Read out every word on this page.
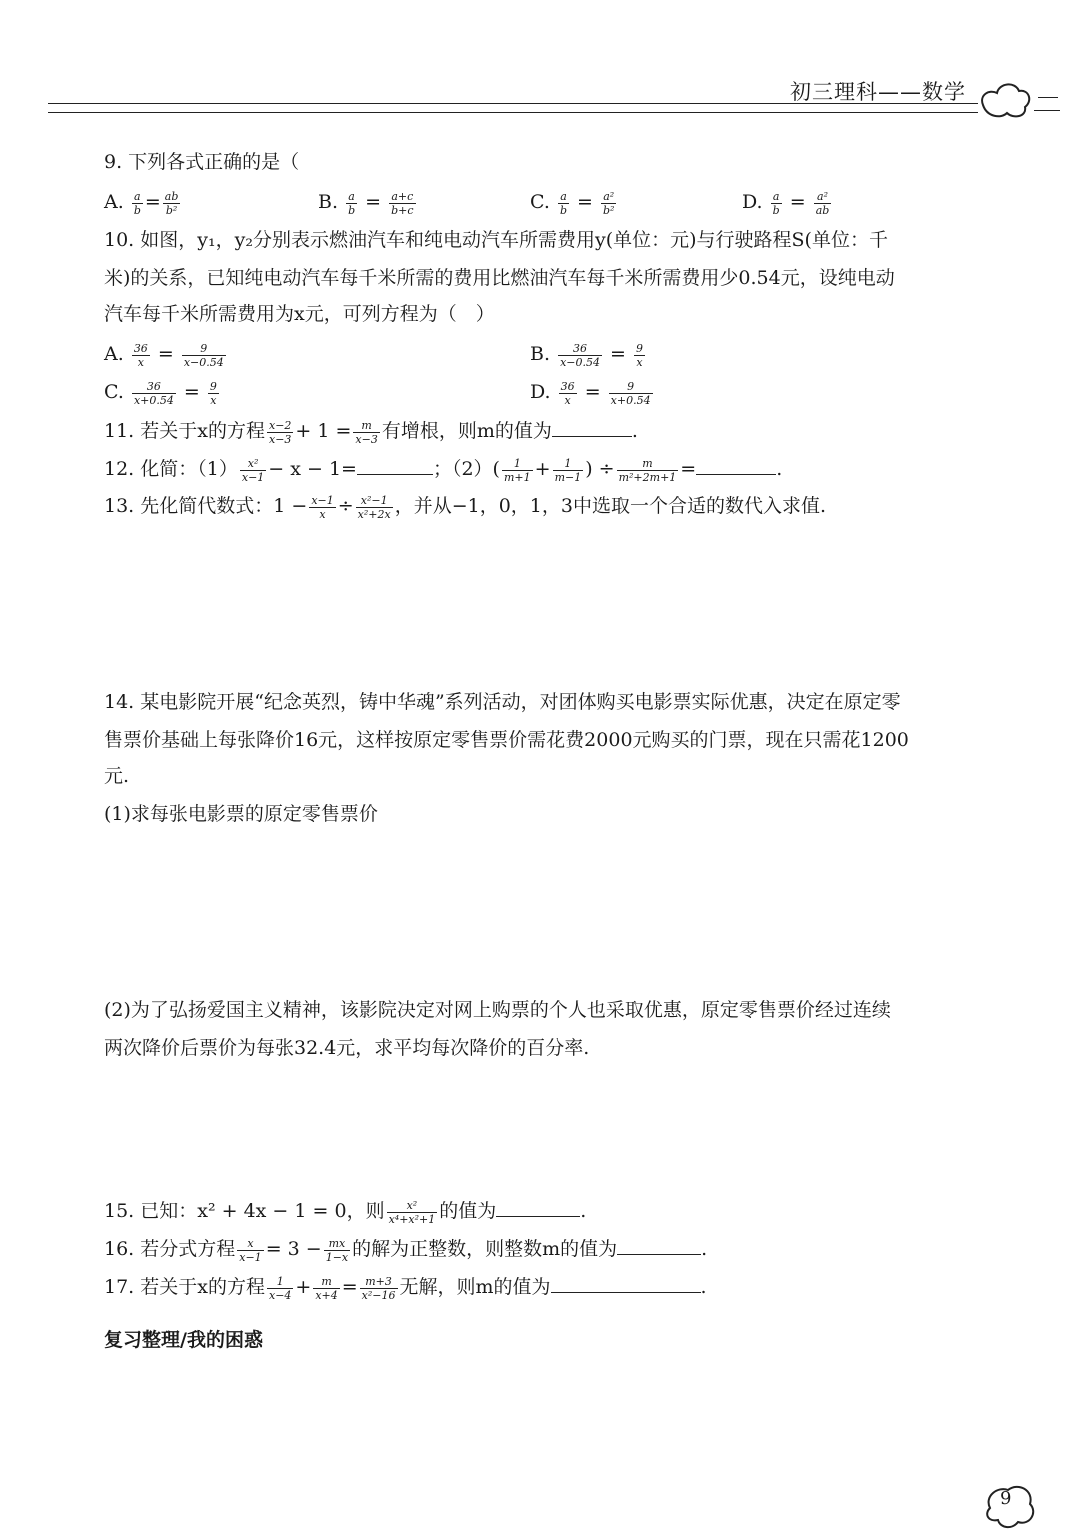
初三理科——数学
9. 下列各式正确的是（
A. $\frac{a}{b} = \frac{ab}{\text{b²}}$	B. $\frac{a}{b} = \frac{a+c}{b+c}$	C. $\frac{a}{b} = \frac{\text{a²}}{\text{b²}}$	D. $\frac{a}{b} = \frac{\text{a²}}{ab}$
10. 如图，y₁，y₂分别表示燃油汽车和纯电动汽车所需费用y(单位：元)与行驶路程S(单位：千
米)的关系，已知纯电动汽车每千米所需的费用比燃油汽车每千米所需费用少0.54元，设纯电动
汽车每千米所需费用为x元，可列方程为（　）
A. $\frac{36}{x} = \frac{9}{x-0.54}$	B. $\frac{36}{x-0.54} = \frac{9}{x}$
C. $\frac{36}{x+0.54} = \frac{9}{x}$	D. $\frac{36}{x} = \frac{9}{x+0.54}$
11. 若关于x的方程 $\frac{x-2}{x-3} + 1 = \frac{m}{x-3}$ 有增根，则m的值为	.
12. 化简：$(1) \frac{\text{x²}}{x-1} - x - 1=$	；$(2)( \frac{1}{m+1} + \frac{1}{m-1}$ ) ÷ $\frac{m}{\text{m²+2m+1}}$ =	.
13. 先化简代数式：$1 - \frac{x-1}{x} \div \frac{\text{x²−1}}{\text{x²+2x}}$ ，并从−1，0，1，3中选取一个合适的数代入求值.
14. 某电影院开展“纪念英烈，铸中华魂”系列活动，对团体购买电影票实际优惠，决定在原定零
售票价基础上每张降价16元，这样按原定零售票价需花费2000元购买的门票，现在只需花1200
元.
(1)求每张电影票的原定零售票价
(2)为了弘扬爱国主义精神，该影院决定对网上购票的个人也采取优惠，原定零售票价经过连续
两次降价后票价为每张32.4元，求平均每次降价的百分率.
15. 已知：x² + 4x − 1 = 0，则 $\frac{\text{x²}}{\text{x⁴+x²+1}}$ 的值为	.
16. 若分式方程 $\frac{x}{x-1} = 3 - \frac{mx}{1-x}$ 的解为正整数，则整数m的值为	.
17. 若关于x的方程 $\frac{1}{x-4} + \frac{m}{x+4} = \frac{m+3}{\text{x²−16}}$ 无解，则m的值为	.
复习整理/我的困惑
9
